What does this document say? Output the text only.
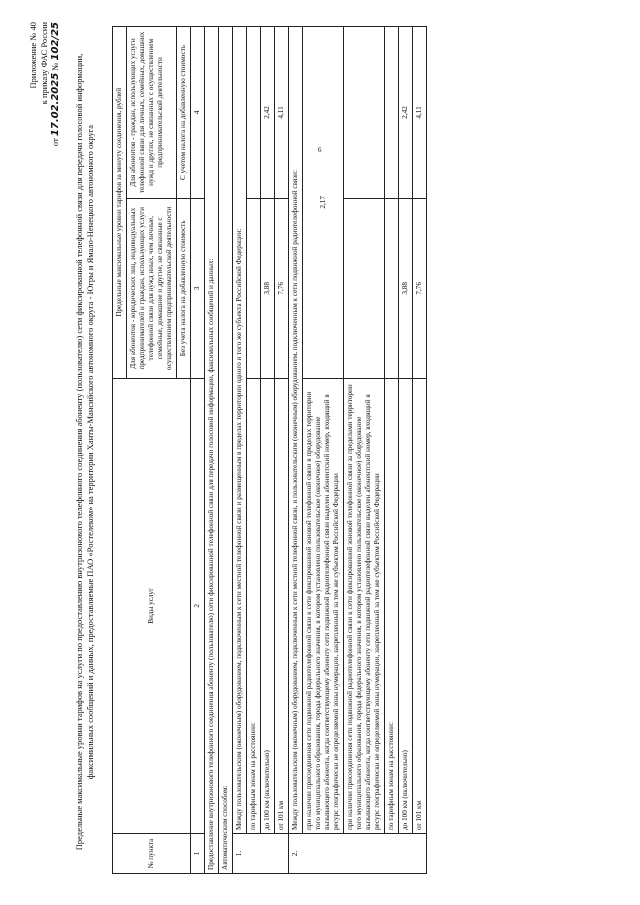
6
Приложение № 40 к приказу ФАС России
от 17.02.2025 № 102/25
Предельные максимальные уровни тарифов на услуги по предоставлению внутризонового телефонного соединения абоненту (пользователю) сети фиксированной телефонной связи для передачи голосовой информации, факсимильных сообщений и данных, предоставляемые ПАО «Ростелеком» на территории Ханты-Мансийского автономного округа - Югры и Ямало-Ненецкого автономного округа
№ пункта	Виды услуг	Предельные максимальные уровни тарифов за минуту соединения, рублей	
		Для абонентов - юридических лиц, индивидуальных предпринимателей и граждан, использующих услуги телефонной связи для нужд иных, чем личные, семейные, домашние и другие, не связанные с осуществлением предпринимательской деятельности	Для абонентов - граждан, использующих услуги телефонной связи для личных, семейных, домашних нужд и других, не связанных с осуществлением предпринимательской деятельности
		Без учета налога на добавленную стоимость	С учетом налога на добавленную стоимость
1	2	3	4
Предоставление внутризонового телефонного соединения абоненту (пользователю) сети фиксированной телефонной связи для передачи голосовой информации, факсимильных сообщений и данных:			
Автоматическим способом:			
1.	Между пользовательским (оконечным) оборудованием, подключенным к сети местной телефонной связи и размещенным в пределах территории одного и того же субъекта Российской Федерации:		
	по тарифным зонам на расстоянии:		
	до 100 км (включительно)	3,88	2,42
	от 101 км	7,76	4,11
2.	Между пользовательским (оконечным) оборудованием, подключенным к сети местной телефонной связи, и пользовательским (оконечным) оборудованием, подключенным к сети подвижной радиотелефонной связи:		
	при наличии присоединения сети подвижной радиотелефонной связи к сети фиксированной зоновой телефонной связи в пределах территории того муниципального образования, города федерального значения, в котором установлено пользовательское (оконечное) оборудование вызывающего абонента, когда соответствующему абоненту сети подвижной радиотелефонной связи выделен абонентский номер, входящий в ресурс географически не определяемой зоны нумерации, закрепленный за тем же субъектом Российской Федерации	2,17	
	при наличии присоединения сети подвижной радиотелефонной связи к сети фиксированной зоновой телефонной связи за пределами территории того муниципального образования, города федерального значения, в котором установлено пользовательское (оконечное) оборудование вызывающего абонента, когда соответствующему абоненту сети подвижной радиотелефонной связи выделен абонентский номер, входящий в ресурс географически не определяемой зоны нумерации, закрепленный за тем же субъектом Российской Федерации		
	по тарифным зонам на расстоянии:		
	до 100 км (включительно)	3,88	2,42
	от 101 км	7,76	4,11
